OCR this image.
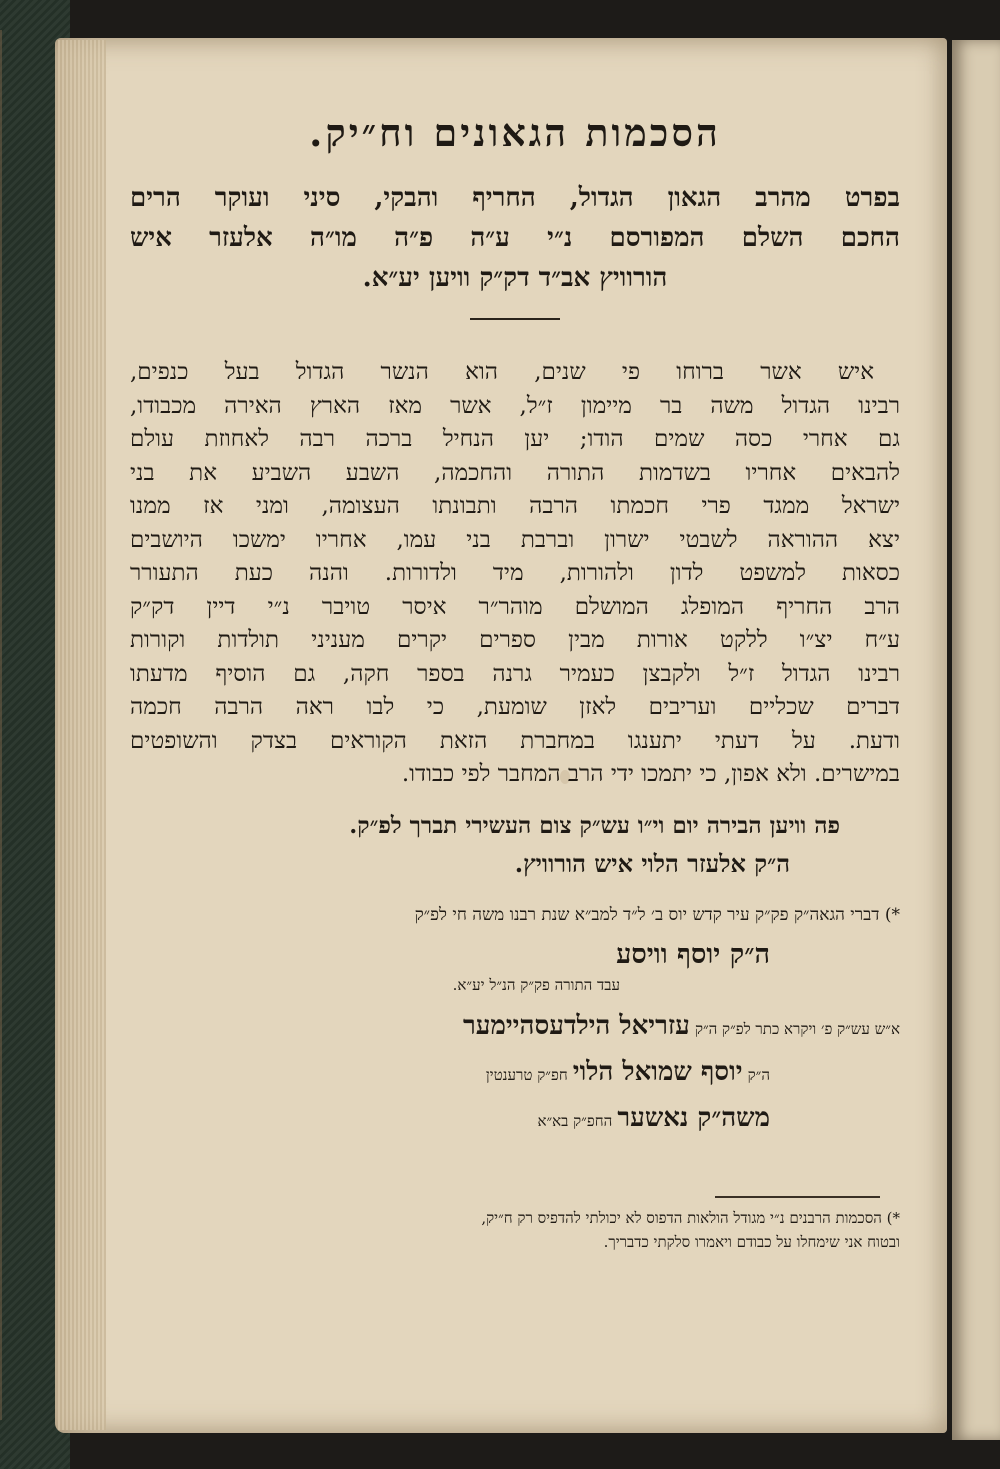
הסכמות הגאונים וח״יק.

בפרט מהרב הגאון הגדול, החריף והבקי, סיני ועוקר הרים

החכם השלם המפורסם נ״י ע״ה פ״ה מו״ה אלעזר איש

הורוויץ אב״ד דק״ק וויען יע״א.

איש אשר ברוחו פי שנים, הוא הנשר הגדול בעל כנפים,

רבינו הגדול משה בר מיימון ז״ל, אשר מאז הארץ האירה מכבודו,

גם אחרי כסה שמים הודו; יען הנחיל ברכה רבה לאחוזת עולם

להבאים אחריו בשדמות התורה והחכמה, השבע השביע את בני

ישראל ממגד פרי חכמתו הרבה ותבונתו העצומה, ומני אז ממנו

יצא ההוראה לשבטי ישרון וברבת בני עמו, אחריו ימשכו היושבים

כסאות למשפט לדון ולהורות, מיד ולדורות. והנה כעת התעורר

הרב החריף המופלג המושלם מוהר״ר איסר טויבר נ״י דיין דק״ק

ע״ח יצ״ו ללקט אורות מבין ספרים יקרים מעניני תולדות וקורות

רבינו הגדול ז״ל ולקבצן כעמיר גרנה בספר חקה, גם הוסיף מדעתו

דברים שכליים ועריבים לאזן שומעת, כי לבו ראה הרבה חכמה

ודעת. על דעתי יתענגו במחברת הזאת הקוראים בצדק והשופטים

במישרים. ולא אפון, כי יתמכו ידי הרב המחבר לפי כבודו.

פה וויען הבירה יום וי״ו עש״ק צום העשירי תברך לפ״ק.

ה״ק אלעזר הלוי איש הורוויץ.

*) דברי הגאה״ק פק״ק עיר קדש יוס ב׳ ל״ד למב״א שנת רבנו משה חי לפ״ק

ה״ק יוסף וויסע

עבד התורה פק״ק הנ״ל יע״א.

א״ש עש״ק פ׳ ויקרא כתר לפ״ק ה״ק עזריאל הילדעסהיימער

ה״ק יוסף שמואל הלוי חפ״ק טרענטין

משה״ק נאשער החפ״ק בא״א

*) הסכמות הרבנים נ״י מגודל הולאות הדפוס לא יכולתי להדפיס רק ח״יק,

ובטוח אני שימחלו על כבודם ויאמרו סלקתי כדבריך.
